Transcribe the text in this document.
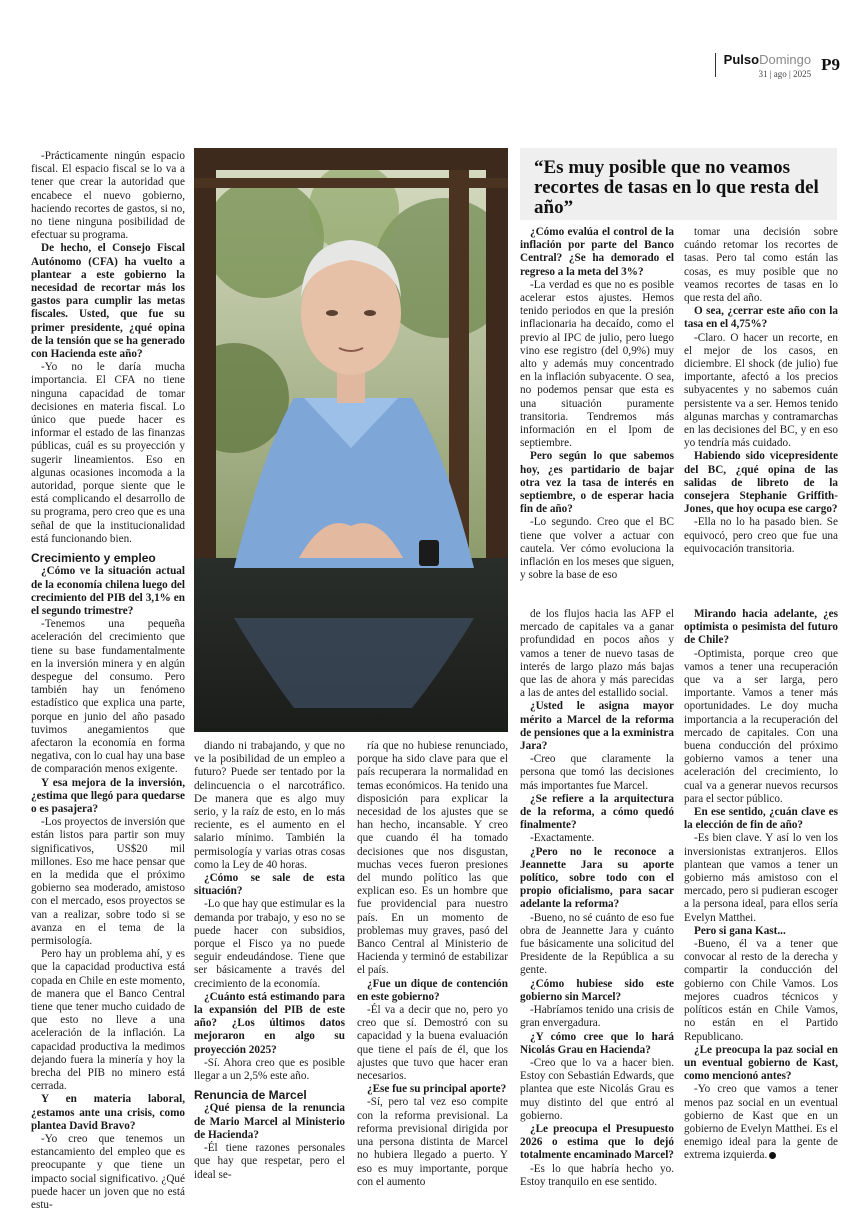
PulsoDomingo
31 | ago | 2025 P9
“Es muy posible que no veamos recortes de tasas en lo que resta del año”

-Prácticamente ningún espacio fiscal. El espacio fiscal se lo va a tener que crear la autoridad que encabece el nuevo gobierno, haciendo recortes de gastos, si no, no tiene ninguna posibilidad de efectuar su programa.

De hecho, el Consejo Fiscal Autónomo (CFA) ha vuelto a plantear a este gobierno la necesidad de recortar más los gastos para cumplir las metas fiscales. Usted, que fue su primer presidente, ¿qué opina de la tensión que se ha generado con Hacienda este año?

-Yo no le daría mucha importancia. El CFA no tiene ninguna capacidad de tomar decisiones en materia fiscal. Lo único que puede hacer es informar el estado de las finanzas públicas, cuál es su proyección y sugerir lineamientos. Eso en algunas ocasiones incomoda a la autoridad, porque siente que le está complicando el desarrollo de su programa, pero creo que es una señal de que la institucionalidad está funcionando bien.

Crecimiento y empleo

¿Cómo ve la situación actual de la economía chilena luego del crecimiento del PIB del 3,1% en el segundo trimestre?

-Tenemos una pequeña aceleración del crecimiento que tiene su base fundamentalmente en la inversión minera y en algún despegue del consumo. Pero también hay un fenómeno estadístico que explica una parte, porque en junio del año pasado tuvimos anegamientos que afectaron la economía en forma negativa, con lo cual hay una base de comparación menos exigente.

Y esa mejora de la inversión, ¿estima que llegó para quedarse o es pasajera?

-Los proyectos de inversión que están listos para partir son muy significativos, US$20 mil millones. Eso me hace pensar que en la medida que el próximo gobierno sea moderado, amistoso con el mercado, esos proyectos se van a realizar, sobre todo si se avanza en el tema de la permisología.

Pero hay un problema ahí, y es que la capacidad productiva está copada en Chile en este momento, de manera que el Banco Central tiene que tener mucho cuidado de que esto no lleve a una aceleración de la inflación. La capacidad productiva la medimos dejando fuera la minería y hoy la brecha del PIB no minero está cerrada.

Y en materia laboral, ¿estamos ante una crisis, como plantea David Bravo?

-Yo creo que tenemos un estancamiento del empleo que es preocupante y que tiene un impacto social significativo. ¿Qué puede hacer un joven que no está estu-

diando ni trabajando, y que no ve la posibilidad de un empleo a futuro? Puede ser tentado por la delincuencia o el narcotráfico. De manera que es algo muy serio, y la raíz de esto, en lo más reciente, es el aumento en el salario mínimo. También la permisología y varias otras cosas como la Ley de 40 horas.

¿Cómo se sale de esta situación?

-Lo que hay que estimular es la demanda por trabajo, y eso no se puede hacer con subsidios, porque el Fisco ya no puede seguir endeudándose. Tiene que ser básicamente a través del crecimiento de la economía.

¿Cuánto está estimando para la expansión del PIB de este año? ¿Los últimos datos mejoraron en algo su proyección 2025?

-Sí. Ahora creo que es posible llegar a un 2,5% este año.

Renuncia de Marcel

¿Qué piensa de la renuncia de Mario Marcel al Ministerio de Hacienda?

-Él tiene razones personales que hay que respetar, pero el ideal se-

ría que no hubiese renunciado, porque ha sido clave para que el país recuperara la normalidad en temas económicos. Ha tenido una disposición para explicar la necesidad de los ajustes que se han hecho, incansable. Y creo que cuando él ha tomado decisiones que nos disgustan, muchas veces fueron presiones del mundo político las que explican eso. Es un hombre que fue providencial para nuestro país. En un momento de problemas muy graves, pasó del Banco Central al Ministerio de Hacienda y terminó de estabilizar el país.

¿Fue un dique de contención en este gobierno?

-Él va a decir que no, pero yo creo que sí. Demostró con su capacidad y la buena evaluación que tiene el país de él, que los ajustes que tuvo que hacer eran necesarios.

¿Ese fue su principal aporte?

-Sí, pero tal vez eso compite con la reforma previsional. La reforma previsional dirigida por una persona distinta de Marcel no hubiera llegado a puerto. Y eso es muy importante, porque con el aumento

¿Cómo evalúa el control de la inflación por parte del Banco Central? ¿Se ha demorado el regreso a la meta del 3%?

-La verdad es que no es posible acelerar estos ajustes. Hemos tenido periodos en que la presión inflacionaria ha decaído, como el previo al IPC de julio, pero luego vino ese registro (del 0,9%) muy alto y además muy concentrado en la inflación subyacente. O sea, no podemos pensar que esta es una situación puramente transitoria. Tendremos más información en el Ipom de septiembre.

Pero según lo que sabemos hoy, ¿es partidario de bajar otra vez la tasa de interés en septiembre, o de esperar hacia fin de año?

-Lo segundo. Creo que el BC tiene que volver a actuar con cautela. Ver cómo evoluciona la inflación en los meses que siguen, y sobre la base de eso

de los flujos hacia las AFP el mercado de capitales va a ganar profundidad en pocos años y vamos a tener de nuevo tasas de interés de largo plazo más bajas que las de ahora y más parecidas a las de antes del estallido social.

¿Usted le asigna mayor mérito a Marcel de la reforma de pensiones que a la exministra Jara?

-Creo que claramente la persona que tomó las decisiones más importantes fue Marcel.

¿Se refiere a la arquitectura de la reforma, a cómo quedó finalmente?

-Exactamente.

¿Pero no le reconoce a Jeannette Jara su aporte político, sobre todo con el propio oficialismo, para sacar adelante la reforma?

-Bueno, no sé cuánto de eso fue obra de Jeannette Jara y cuánto fue básicamente una solicitud del Presidente de la República a su gente.

¿Cómo hubiese sido este gobierno sin Marcel?

-Habríamos tenido una crisis de gran envergadura.

¿Y cómo cree que lo hará Nicolás Grau en Hacienda?

-Creo que lo va a hacer bien. Estoy con Sebastián Edwards, que plantea que este Nicolás Grau es muy distinto del que entró al gobierno.

¿Le preocupa el Presupuesto 2026 o estima que lo dejó totalmente encaminado Marcel?

-Es lo que habría hecho yo. Estoy tranquilo en ese sentido.

tomar una decisión sobre cuándo retomar los recortes de tasas. Pero tal como están las cosas, es muy posible que no veamos recortes de tasas en lo que resta del año.

O sea, ¿cerrar este año con la tasa en el 4,75%?

-Claro. O hacer un recorte, en el mejor de los casos, en diciembre. El shock (de julio) fue importante, afectó a los precios subyacentes y no sabemos cuán persistente va a ser. Hemos tenido algunas marchas y contramarchas en las decisiones del BC, y en eso yo tendría más cuidado.

Habiendo sido vicepresidente del BC, ¿qué opina de las salidas de libreto de la consejera Stephanie Griffith-Jones, que hoy ocupa ese cargo?

-Ella no lo ha pasado bien. Se equivocó, pero creo que fue una equivocación transitoria.

Mirando hacia adelante, ¿es optimista o pesimista del futuro de Chile?

-Optimista, porque creo que vamos a tener una recuperación que va a ser larga, pero importante. Vamos a tener más oportunidades. Le doy mucha importancia a la recuperación del mercado de capitales. Con una buena conducción del próximo gobierno vamos a tener una aceleración del crecimiento, lo cual va a generar nuevos recursos para el sector público.

En ese sentido, ¿cuán clave es la elección de fin de año?

-Es bien clave. Y así lo ven los inversionistas extranjeros. Ellos plantean que vamos a tener un gobierno más amistoso con el mercado, pero si pudieran escoger a la persona ideal, para ellos sería Evelyn Matthei.

Pero si gana Kast...

-Bueno, él va a tener que convocar al resto de la derecha y compartir la conducción del gobierno con Chile Vamos. Los mejores cuadros técnicos y políticos están en Chile Vamos, no están en el Partido Republicano.

¿Le preocupa la paz social en un eventual gobierno de Kast, como mencionó antes?

-Yo creo que vamos a tener menos paz social en un eventual gobierno de Kast que en un gobierno de Evelyn Matthei. Es el enemigo ideal para la gente de extrema izquierda.
